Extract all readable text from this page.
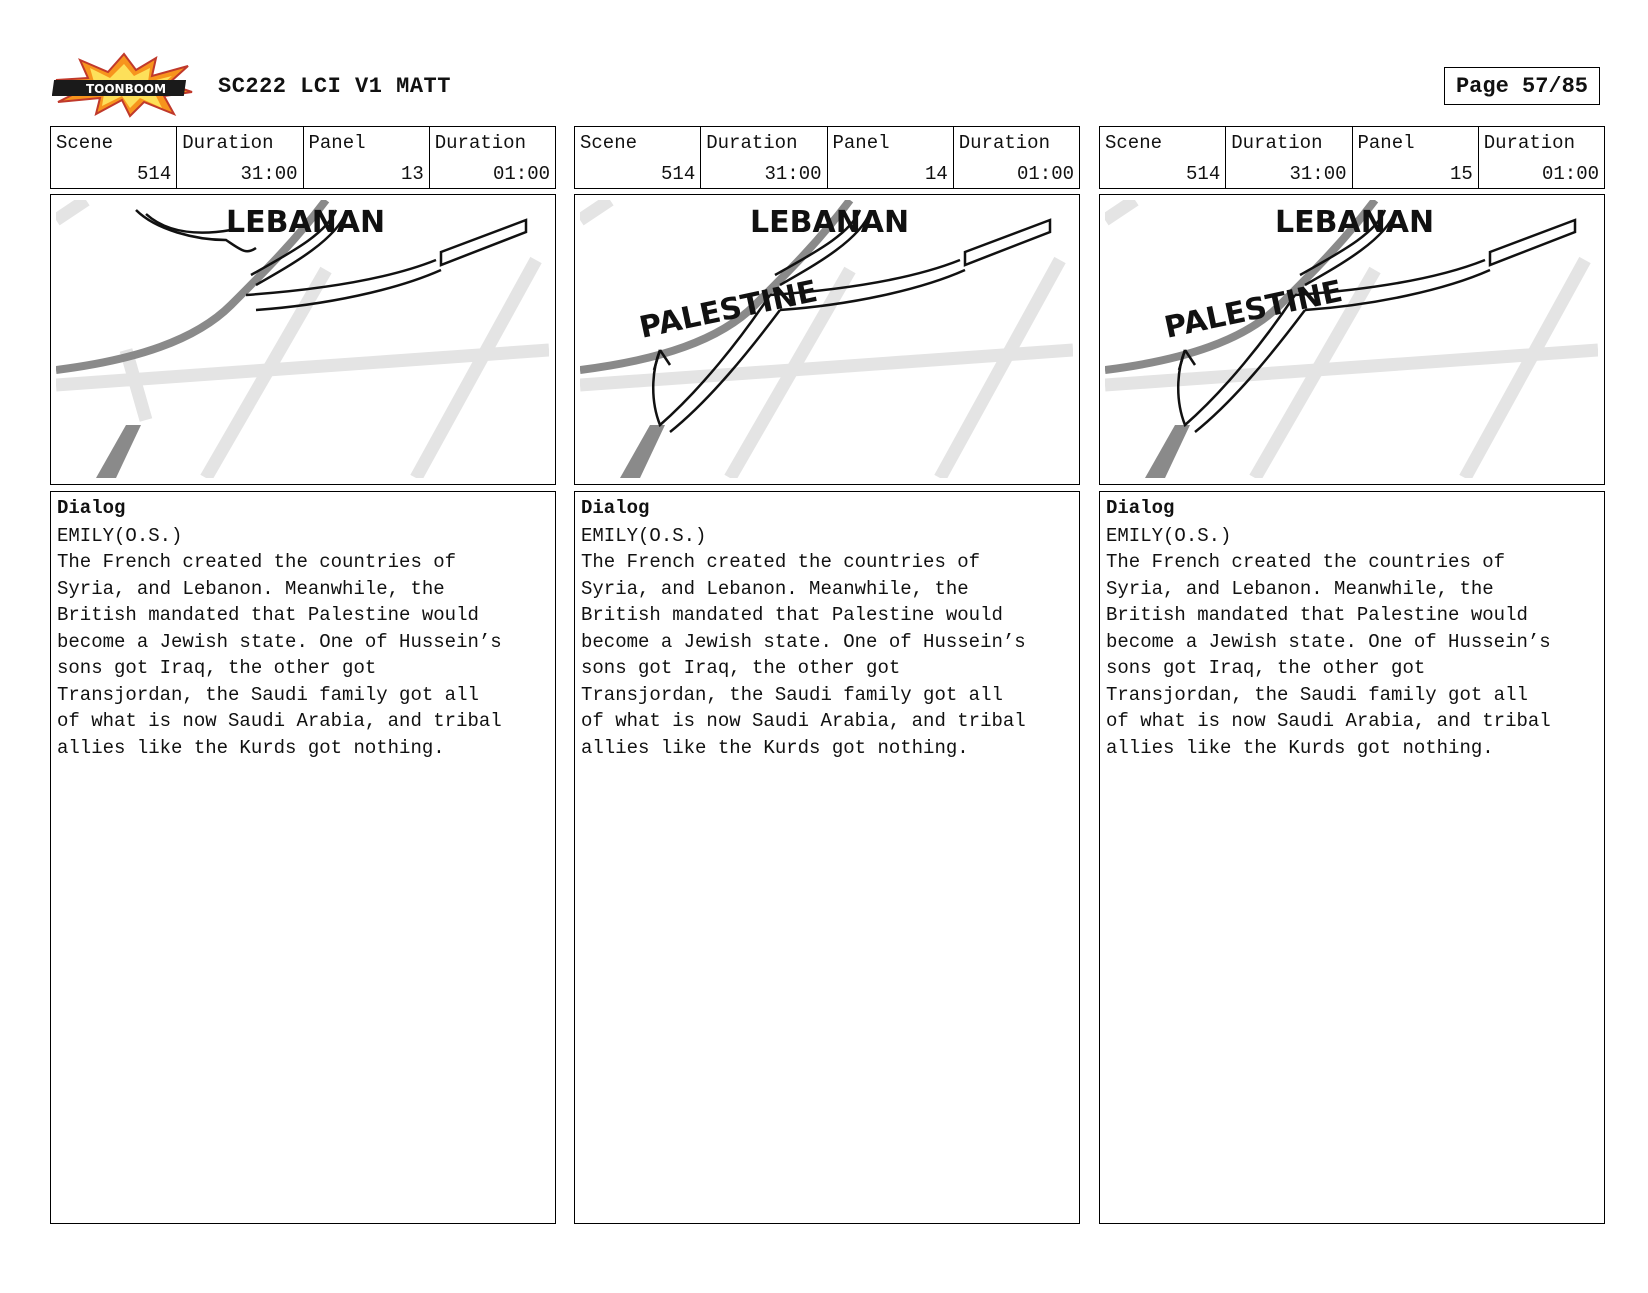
TOONBOOM SC222 LCI V1 MATT	Page 57/85
Scene
514
Duration
31:00
Panel
13
Duration
01:00
LEBANAN
Dialog
EMILY(O.S.)
The French created the countries of
Syria, and Lebanon. Meanwhile, the
British mandated that Palestine would
become a Jewish state. One of Hussein’s
sons got Iraq, the other got
Transjordan, the Saudi family got all
of what is now Saudi Arabia, and tribal
allies like the Kurds got nothing.
Scene
514
Duration
31:00
Panel
14
Duration
01:00
LEBANAN
PALESTINE
Dialog
EMILY(O.S.)
The French created the countries of
Syria, and Lebanon. Meanwhile, the
British mandated that Palestine would
become a Jewish state. One of Hussein’s
sons got Iraq, the other got
Transjordan, the Saudi family got all
of what is now Saudi Arabia, and tribal
allies like the Kurds got nothing.
Scene
514
Duration
31:00
Panel
15
Duration
01:00
LEBANAN
PALESTINE
Dialog
EMILY(O.S.)
The French created the countries of
Syria, and Lebanon. Meanwhile, the
British mandated that Palestine would
become a Jewish state. One of Hussein’s
sons got Iraq, the other got
Transjordan, the Saudi family got all
of what is now Saudi Arabia, and tribal
allies like the Kurds got nothing.
